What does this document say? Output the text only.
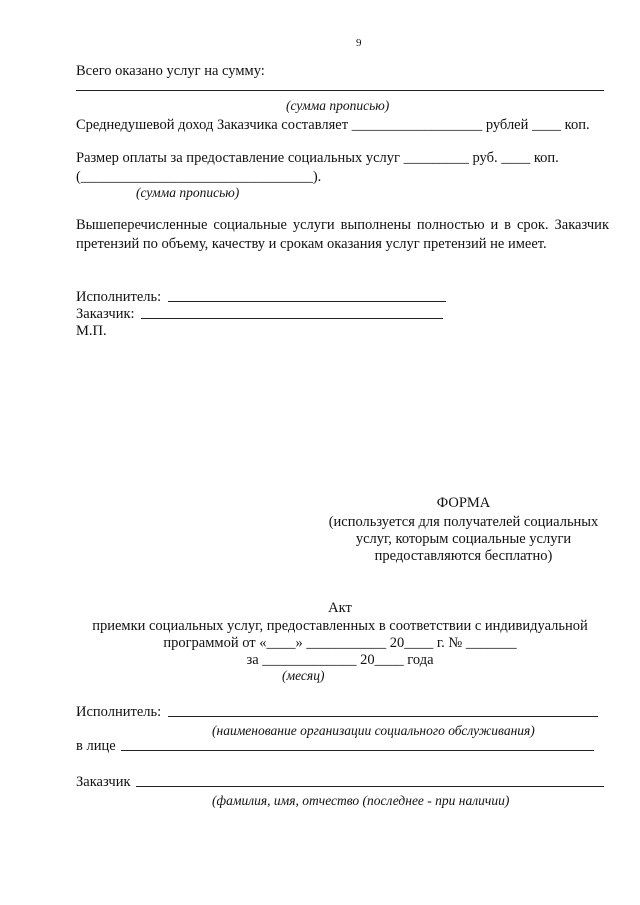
9
Всего оказано услуг на сумму:
(сумма прописью)
Среднедушевой доход Заказчика составляет __________________ рублей ____ коп.
Размер оплаты за предоставление социальных услуг _________ руб. ____ коп.
(________________________________).
(сумма прописью)
Вышеперечисленные социальные услуги выполнены полностью и в срок. Заказчик претензий по объему, качеству и срокам оказания услуг претензий не имеет.
Исполнитель:
Заказчик:
М.П.
ФОРМА
(используется для получателей социальных
услуг, которым социальные услуги
предоставляются бесплатно)
Акт
приемки социальных услуг, предоставленных в соответствии с индивидуальной
программой от «____» ___________ 20____ г. № _______
за _____________ 20____ года
(месяц)
Исполнитель:
(наименование организации социального обслуживания)
в лице
Заказчик
(фамилия, имя, отчество (последнее - при наличии)
